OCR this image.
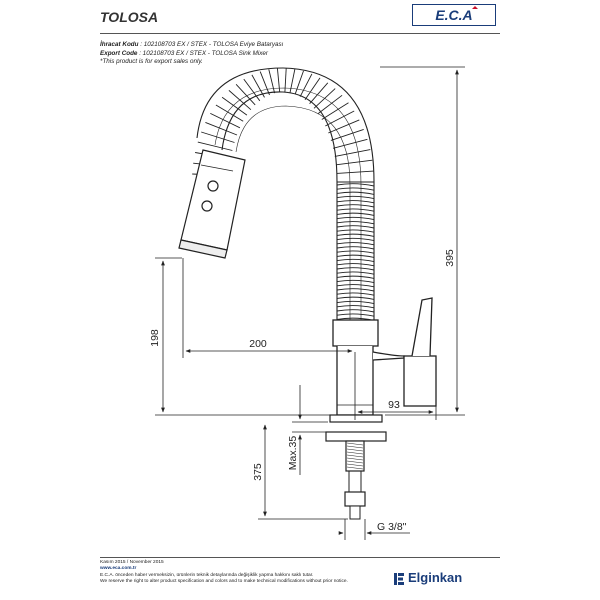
TOLOSA	E.C.A
İhracat Kodu : 102108703 EX / STEX - TOLOSA Eviye Bataryası
Export Code : 102108703 EX / STEX - TOLOSA Sink Mixer
*This product is for export sales only.
200
395
198
93
Max.35
375
G 3/8"
Kasım 2015 / November 2015
www.eca.com.tr
E.C.A. önceden haber vermeksizin, ürünlerin teknik detaylarında değişiklik yapma hakkını saklı tutar.
We reserve the right to alter product specification and colors and to make technical modifications without prior notice.	Elginkan
